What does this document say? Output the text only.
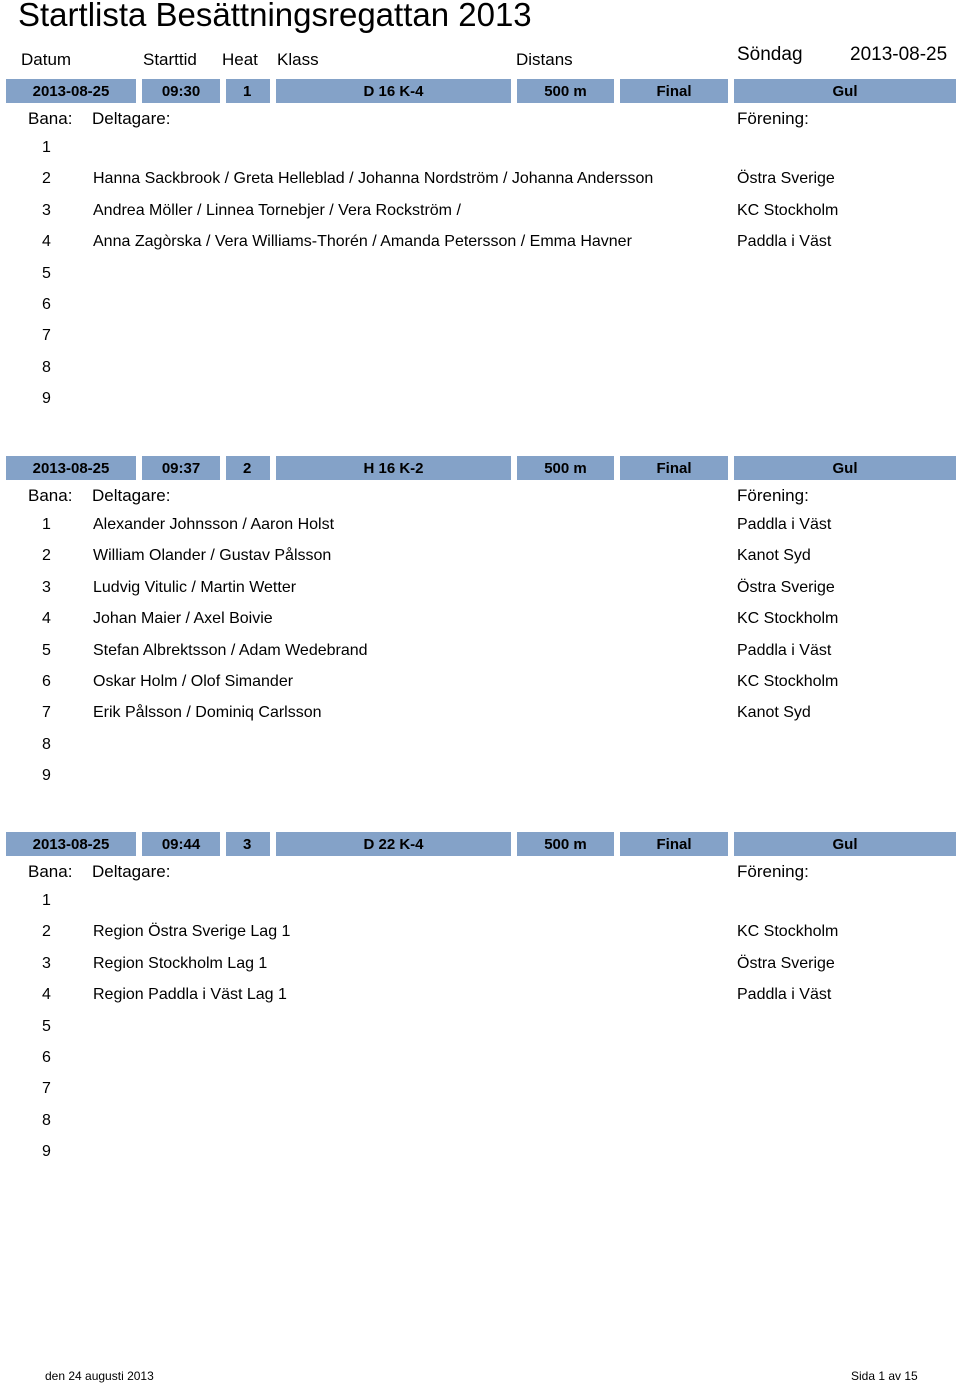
Startlista Besättningsregattan 2013
Datum	Starttid Heat Klass	Distans	Söndag 2013-08-25
2013-08-25	09:30	1	D 16 K-4	500 m	Final	Gul
Bana: Deltagare:	Förening:
1
2	Hanna Sackbrook / Greta Helleblad / Johanna Nordström / Johanna Andersson	Östra Sverige
3	Andrea Möller / Linnea Tornebjer / Vera Rockström /	KC Stockholm
4	Anna Zagòrska / Vera Williams-Thorén / Amanda Petersson / Emma Havner	Paddla i Väst
5
6
7
8
9
2013-08-25	09:37	2	H 16 K-2	500 m	Final	Gul
Bana: Deltagare:	Förening:
1	Alexander Johnsson / Aaron Holst	Paddla i Väst
2	William Olander / Gustav Pålsson	Kanot Syd
3	Ludvig Vitulic / Martin Wetter	Östra Sverige
4	Johan Maier / Axel Boivie	KC Stockholm
5	Stefan Albrektsson / Adam Wedebrand	Paddla i Väst
6	Oskar Holm / Olof Simander	KC Stockholm
7	Erik Pålsson / Dominiq Carlsson	Kanot Syd
8
9
2013-08-25	09:44	3	D 22 K-4	500 m	Final	Gul
Bana: Deltagare:	Förening:
1
2	Region Östra Sverige Lag 1	KC Stockholm
3	Region Stockholm Lag 1	Östra Sverige
4	Region Paddla i Väst Lag 1	Paddla i Väst
5
6
7
8
9
den 24 augusti 2013	Sida 1 av 15
